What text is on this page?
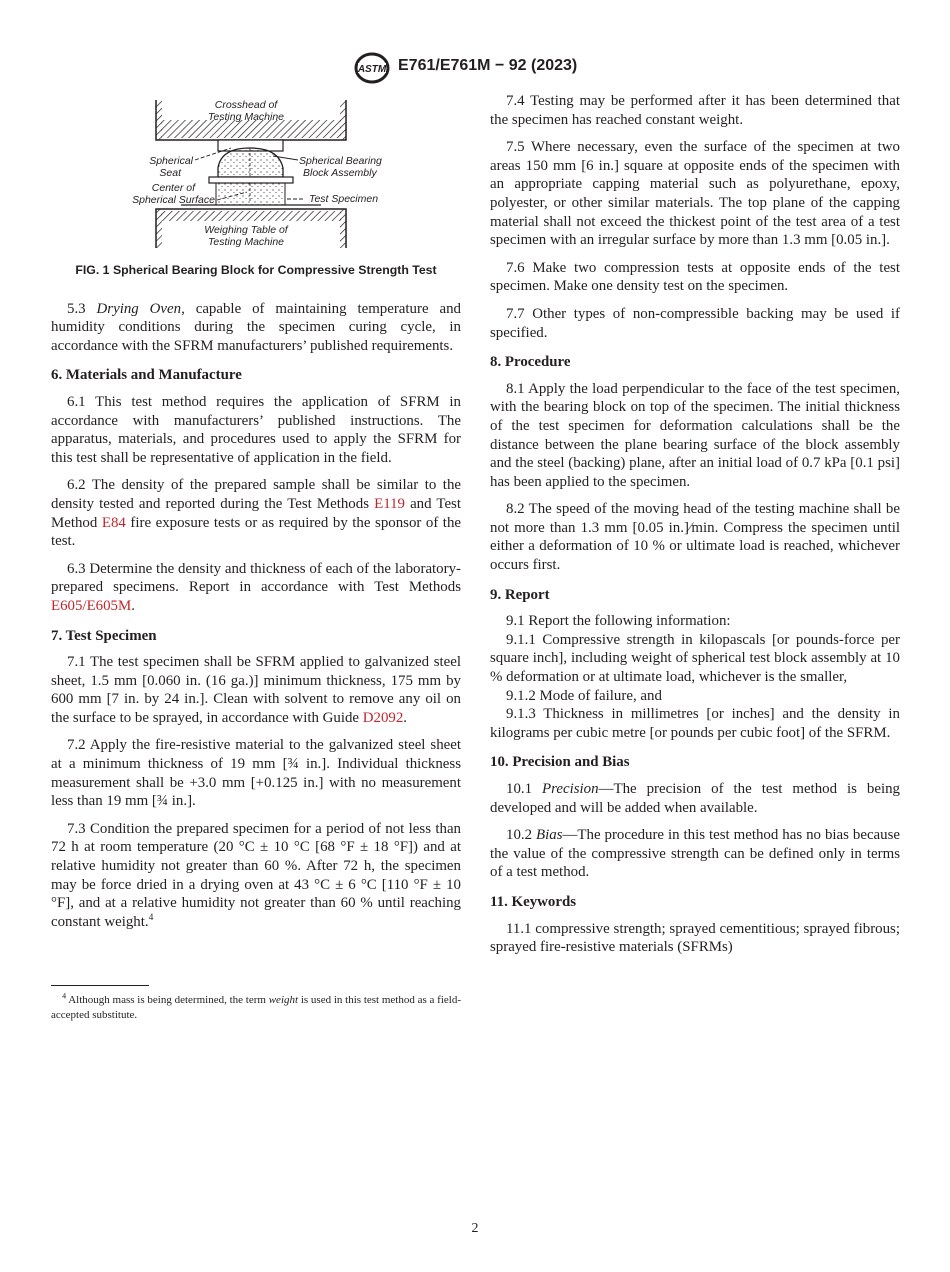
ASTM E761/E761M − 92 (2023)
Crosshead of
Testing Machine
Weighing Table of
Testing Machine
Spherical
Seat
Center of
Spherical Surface
Spherical Bearing
Block Assembly
Test Specimen
FIG. 1 Spherical Bearing Block for Compressive Strength Test

5.3 Drying Oven, capable of maintaining temperature and humidity conditions during the specimen curing cycle, in accordance with the SFRM manufacturers’ published requirements.

6. Materials and Manufacture

6.1 This test method requires the application of SFRM in accordance with manufacturers’ published instructions. The apparatus, materials, and procedures used to apply the SFRM for this test shall be representative of application in the field.

6.2 The density of the prepared sample shall be similar to the density tested and reported during the Test Methods E119 and Test Method E84 fire exposure tests or as required by the sponsor of the test.

6.3 Determine the density and thickness of each of the laboratory-prepared specimens. Report in accordance with Test Methods E605/E605M.

7. Test Specimen

7.1 The test specimen shall be SFRM applied to galvanized steel sheet, 1.5 mm [0.060 in. (16 ga.)] minimum thickness, 175 mm by 600 mm [7 in. by 24 in.]. Clean with solvent to remove any oil on the surface to be sprayed, in accordance with Guide D2092.

7.2 Apply the fire-resistive material to the galvanized steel sheet at a minimum thickness of 19 mm [¾ in.]. Individual thickness measurement shall be +3.0 mm [+0.125 in.] with no measurement less than 19 mm [¾ in.].

7.3 Condition the prepared specimen for a period of not less than 72 h at room temperature (20 °C ± 10 °C [68 °F ± 18 °F]) and at relative humidity not greater than 60 %. After 72 h, the specimen may be force dried in a drying oven at 43 °C ± 6 °C [110 °F ± 10 °F], and at a relative humidity not greater than 60 % until reaching constant weight.$^4$

$^4$ Although mass is being determined, the term weight is used in this test method as a field-accepted substitute.

7.4 Testing may be performed after it has been determined that the specimen has reached constant weight.

7.5 Where necessary, even the surface of the specimen at two areas 150 mm [6 in.] square at opposite ends of the specimen with an appropriate capping material such as polyurethane, epoxy, polyester, or other similar materials. The top plane of the capping material shall not exceed the thickest point of the test area of a test specimen with an irregular surface by more than 1.3 mm [0.05 in.].

7.6 Make two compression tests at opposite ends of the test specimen. Make one density test on the specimen.

7.7 Other types of non-compressible backing may be used if specified.

8. Procedure

8.1 Apply the load perpendicular to the face of the test specimen, with the bearing block on top of the specimen. The initial thickness of the test specimen for deformation calculations shall be the distance between the plane bearing surface of the block assembly and the steel (backing) plane, after an initial load of 0.7 kPa [0.1 psi] has been applied to the specimen.

8.2 The speed of the moving head of the testing machine shall be not more than 1.3 mm [0.05 in.]⁄min. Compress the specimen until either a deformation of 10 % or ultimate load is reached, whichever occurs first.

9. Report

9.1 Report the following information:

9.1.1 Compressive strength in kilopascals [or pounds-force per square inch], including weight of spherical test block assembly at 10 % deformation or at ultimate load, whichever is the smaller,

9.1.2 Mode of failure, and

9.1.3 Thickness in millimetres [or inches] and the density in kilograms per cubic metre [or pounds per cubic foot] of the SFRM.

10. Precision and Bias

10.1 Precision—The precision of the test method is being developed and will be added when available.

10.2 Bias—The procedure in this test method has no bias because the value of the compressive strength can be defined only in terms of a test method.

11. Keywords

11.1 compressive strength; sprayed cementitious; sprayed fibrous; sprayed fire-resistive materials (SFRMs)

2
